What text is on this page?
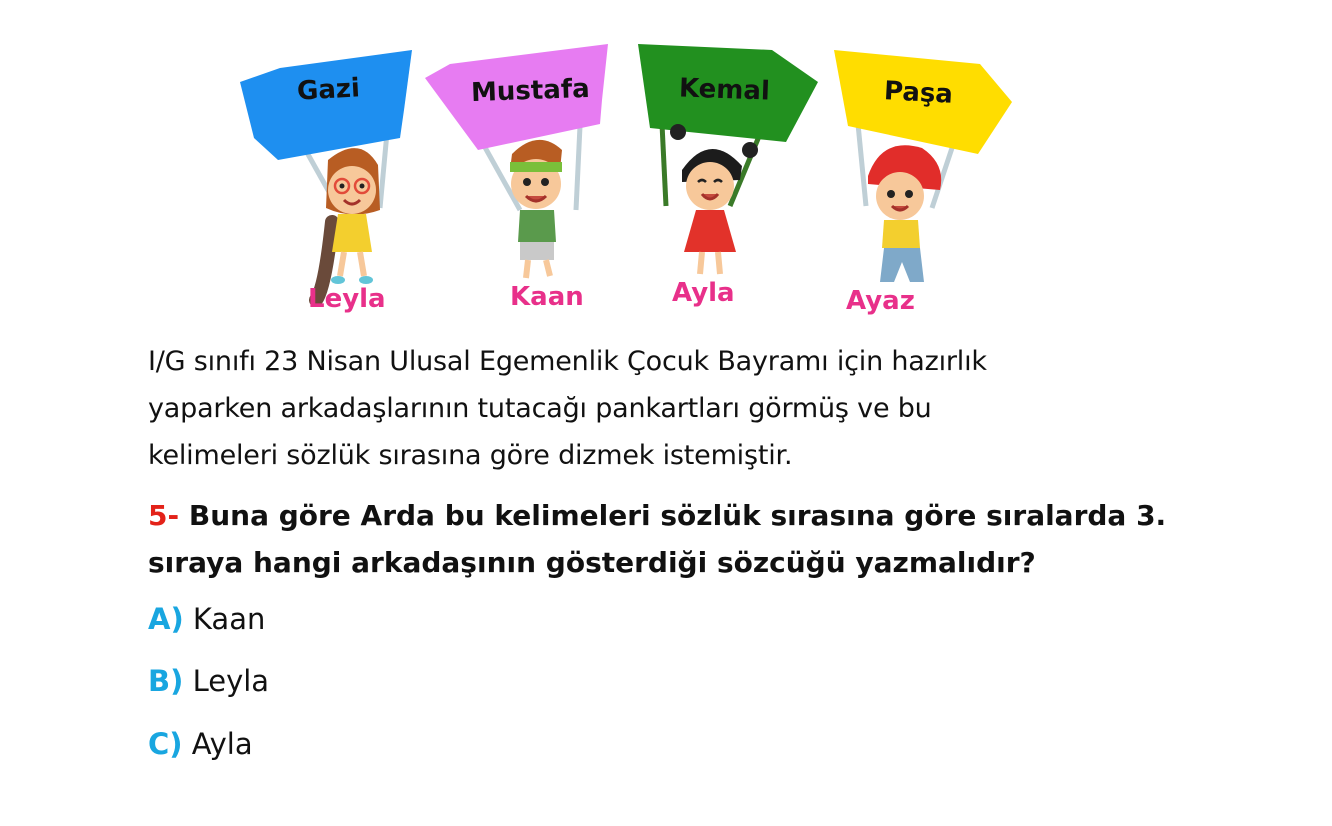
Gazi	Mustafa	Kemal	Paşa
Leyla	Kaan	Ayla	Ayaz
I/G sınıfı 23 Nisan Ulusal Egemenlik Çocuk Bayramı için hazırlık
yaparken arkadaşlarının tutacağı pankartları görmüş ve bu
kelimeleri sözlük sırasına göre dizmek istemiştir.
5- Buna göre Arda bu kelimeleri sözlük sırasına göre sıralarda 3.
sıraya hangi arkadaşının gösterdiği sözcüğü yazmalıdır?
A) Kaan
B) Leyla
C) Ayla
